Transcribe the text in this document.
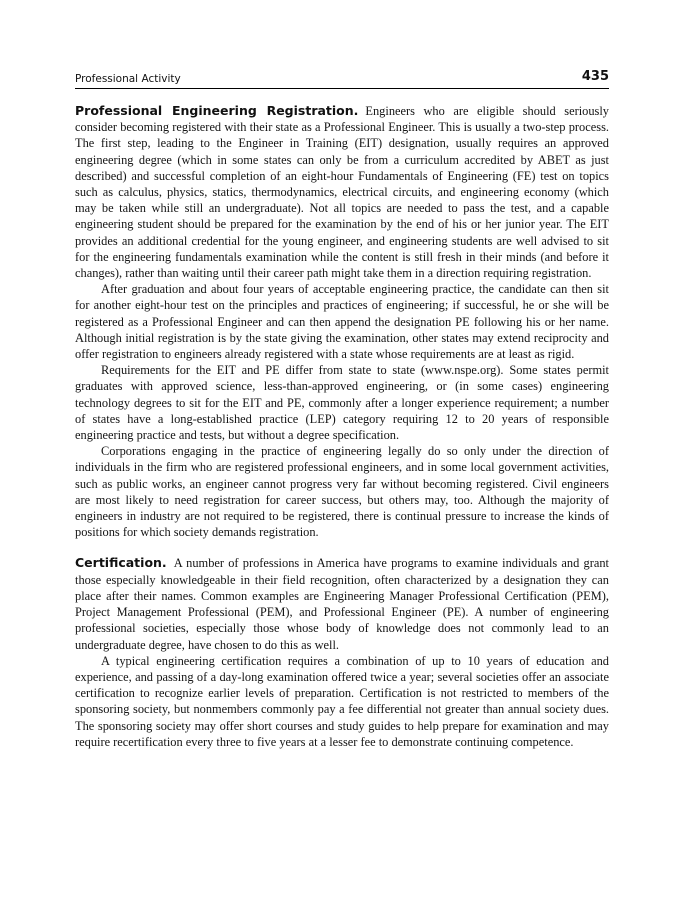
Professional Activity	435

Professional Engineering Registration. Engineers who are eligible should seriously consider becoming registered with their state as a Professional Engineer. This is usually a two-step process. The first step, leading to the Engineer in Training (EIT) designation, usually requires an approved engineering degree (which in some states can only be from a curriculum accredited by ABET as just described) and successful completion of an eight-hour Fundamentals of Engineering (FE) test on topics such as calculus, physics, statics, thermodynamics, electrical circuits, and engineering economy (which may be taken while still an undergraduate). Not all topics are needed to pass the test, and a capable engineering student should be prepared for the examination by the end of his or her junior year. The EIT provides an additional credential for the young engineer, and engineering students are well advised to sit for the engineering fundamentals examination while the content is still fresh in their minds (and before it changes), rather than waiting until their career path might take them in a direction requiring registration.

After graduation and about four years of acceptable engineering practice, the candidate can then sit for another eight-hour test on the principles and practices of engineering; if successful, he or she will be registered as a Professional Engineer and can then append the designation PE following his or her name. Although initial registration is by the state giving the examination, other states may extend reciprocity and offer registration to engineers already registered with a state whose requirements are at least as rigid.

Requirements for the EIT and PE differ from state to state (www.nspe.org). Some states permit graduates with approved science, less-than-approved engineering, or (in some cases) engineering technology degrees to sit for the EIT and PE, commonly after a longer experience requirement; a number of states have a long-established practice (LEP) category requiring 12 to 20 years of responsible engineering practice and tests, but without a degree specification.

Corporations engaging in the practice of engineering legally do so only under the direction of individuals in the firm who are registered professional engineers, and in some local government activities, such as public works, an engineer cannot progress very far without becoming registered. Civil engineers are most likely to need registration for career success, but others may, too. Although the majority of engineers in industry are not required to be registered, there is continual pressure to increase the kinds of positions for which society demands registration.

Certification. A number of professions in America have programs to examine individuals and grant those especially knowledgeable in their field recognition, often characterized by a designation they can place after their names. Common examples are Engineering Manager Professional Certification (PEM), Project Management Professional (PEM), and Professional Engineer (PE). A number of engineering professional societies, especially those whose body of knowledge does not commonly lead to an undergraduate degree, have chosen to do this as well.

A typical engineering certification requires a combination of up to 10 years of education and experience, and passing of a day-long examination offered twice a year; several societies offer an associate certification to recognize earlier levels of preparation. Certification is not restricted to members of the sponsoring society, but nonmembers commonly pay a fee differential not greater than annual society dues. The sponsoring society may offer short courses and study guides to help prepare for examination and may require recertification every three to five years at a lesser fee to demonstrate continuing competence.
